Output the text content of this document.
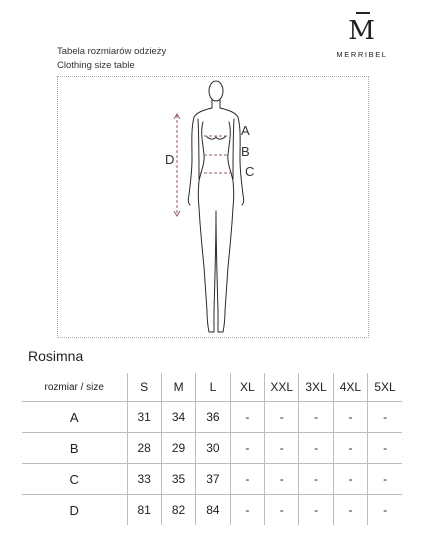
M
MERRIBEL
Tabela rozmiarów odzieży
Clothing size table
A
B
C
D
Rosimna
rozmiar / size	S	M	L	XL	XXL	3XL	4XL	5XL
A	31	34	36	-	-	-	-	-
B	28	29	30	-	-	-	-	-
C	33	35	37	-	-	-	-	-
D	81	82	84	-	-	-	-	-
